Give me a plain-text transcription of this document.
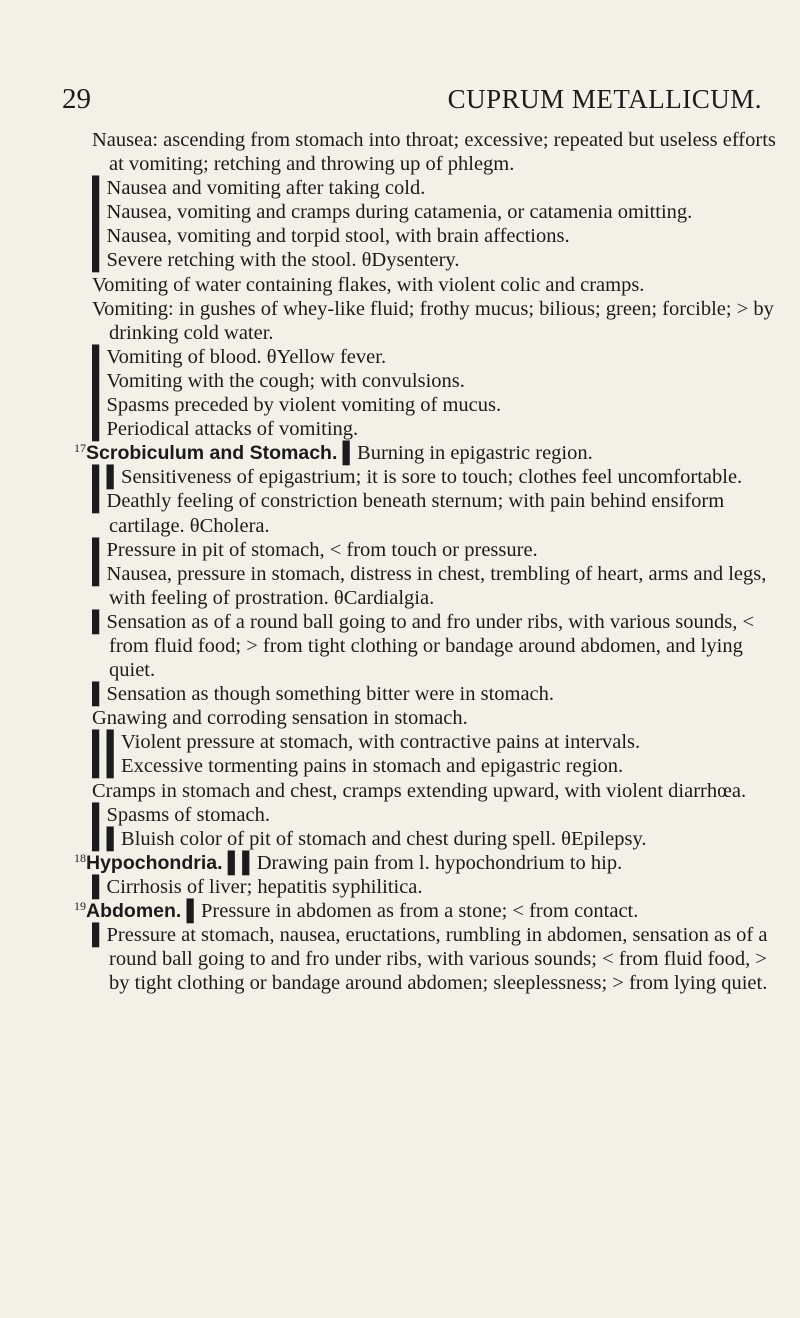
29	CUPRUM METALLICUM.

Nausea: ascending from stomach into throat; excessive; repeated but useless efforts at vomiting; retching and throwing up of phlegm.

▌Nausea and vomiting after taking cold.

▌Nausea, vomiting and cramps during catamenia, or catamenia omitting.

▌Nausea, vomiting and torpid stool, with brain affections.

▌Severe retching with the stool. θDysentery.

Vomiting of water containing flakes, with violent colic and cramps.

Vomiting: in gushes of whey-like fluid; frothy mucus; bilious; green; forcible; > by drinking cold water.

▌Vomiting of blood. θYellow fever.

▌Vomiting with the cough; with convulsions.

▌Spasms preceded by violent vomiting of mucus.

▌Periodical attacks of vomiting.

$^{17}$Scrobiculum and Stomach. ▌Burning in epigastric region.

▌▌Sensitiveness of epigastrium; it is sore to touch; clothes feel uncomfortable.

▌Deathly feeling of constriction beneath sternum; with pain behind ensiform cartilage. θCholera.

▌Pressure in pit of stomach, < from touch or pressure.

▌Nausea, pressure in stomach, distress in chest, trembling of heart, arms and legs, with feeling of prostration. θCardialgia.

▌Sensation as of a round ball going to and fro under ribs, with various sounds, < from fluid food; > from tight clothing or bandage around abdomen, and lying quiet.

▌Sensation as though something bitter were in stomach.

Gnawing and corroding sensation in stomach.

▌▌Violent pressure at stomach, with contractive pains at intervals.

▌▌Excessive tormenting pains in stomach and epigastric region.

Cramps in stomach and chest, cramps extending upward, with violent diarrhœa.

▌Spasms of stomach.

▌▌Bluish color of pit of stomach and chest during spell. θEpilepsy.

$^{18}$Hypochondria. ▌▌Drawing pain from l. hypochondrium to hip.

▌Cirrhosis of liver; hepatitis syphilitica.

$^{19}$Abdomen. ▌Pressure in abdomen as from a stone; < from contact.

▌Pressure at stomach, nausea, eructations, rumbling in abdomen, sensation as of a round ball going to and fro under ribs, with various sounds; < from fluid food, > by tight clothing or bandage around abdomen; sleeplessness; > from lying quiet.
